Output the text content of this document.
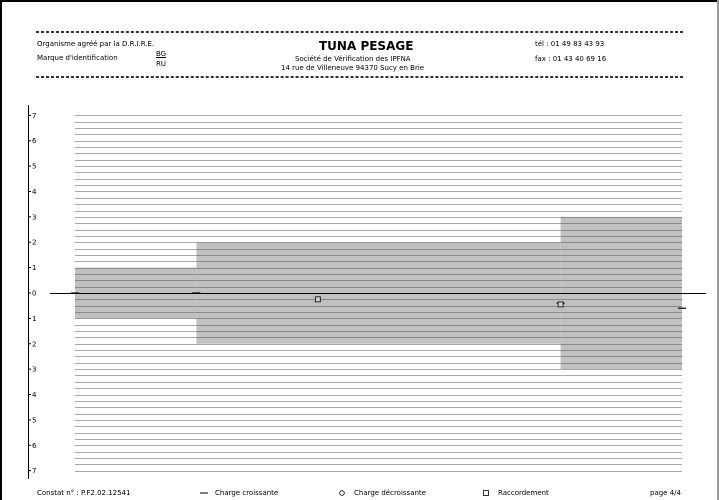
Organisme agréé par la D.R.I.R.E.
Marque d'identification	BG
RU
TUNA PESAGE
Société de Vérification des IPFNA
14 rue de Villeneuve 94370 Sucy en Brie
tél : 01 49 83 43 93
fax : 01 43 40 69 16
7
6
5
4
3
2
1
0
1
2
3
4
5
6
7
Constat n° : P.F2.02.12541	Charge croissante	Charge décroissante	Raccordement	page 4/4
